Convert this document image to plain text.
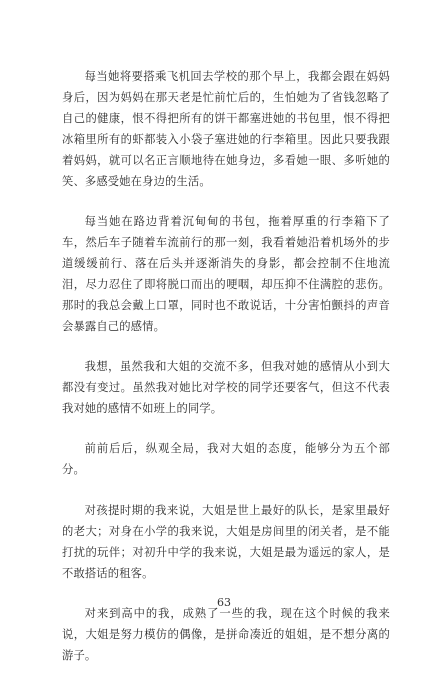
每当她将要搭乘飞机回去学校的那个早上，我都会跟在妈妈身后，因为妈妈在那天老是忙前忙后的，生怕她为了省钱忽略了自己的健康，恨不得把所有的饼干都塞进她的书包里，恨不得把冰箱里所有的虾都装入小袋子塞进她的行李箱里。因此只要我跟着妈妈，就可以名正言顺地待在她身边，多看她一眼、多听她的笑、多感受她在身边的生活。

每当她在路边背着沉甸甸的书包，拖着厚重的行李箱下了车，然后车子随着车流前行的那一刻，我看着她沿着机场外的步道缓缓前行、落在后头并逐渐消失的身影，都会控制不住地流泪，尽力忍住了即将脱口而出的哽咽，却压抑不住满腔的悲伤。那时的我总会戴上口罩，同时也不敢说话，十分害怕颤抖的声音会暴露自己的感情。

我想，虽然我和大姐的交流不多，但我对她的感情从小到大都没有变过。虽然我对她比对学校的同学还要客气，但这不代表我对她的感情不如班上的同学。

前前后后，纵观全局，我对大姐的态度，能够分为五个部分。

对孩提时期的我来说，大姐是世上最好的队长，是家里最好的老大；对身在小学的我来说，大姐是房间里的闭关者，是不能打扰的玩伴；对初升中学的我来说，大姐是最为遥远的家人，是不敢搭话的租客。

对来到高中的我，成熟了一些的我，现在这个时候的我来说，大姐是努力模仿的偶像，是拼命凑近的姐姐，是不想分离的游子。

63
